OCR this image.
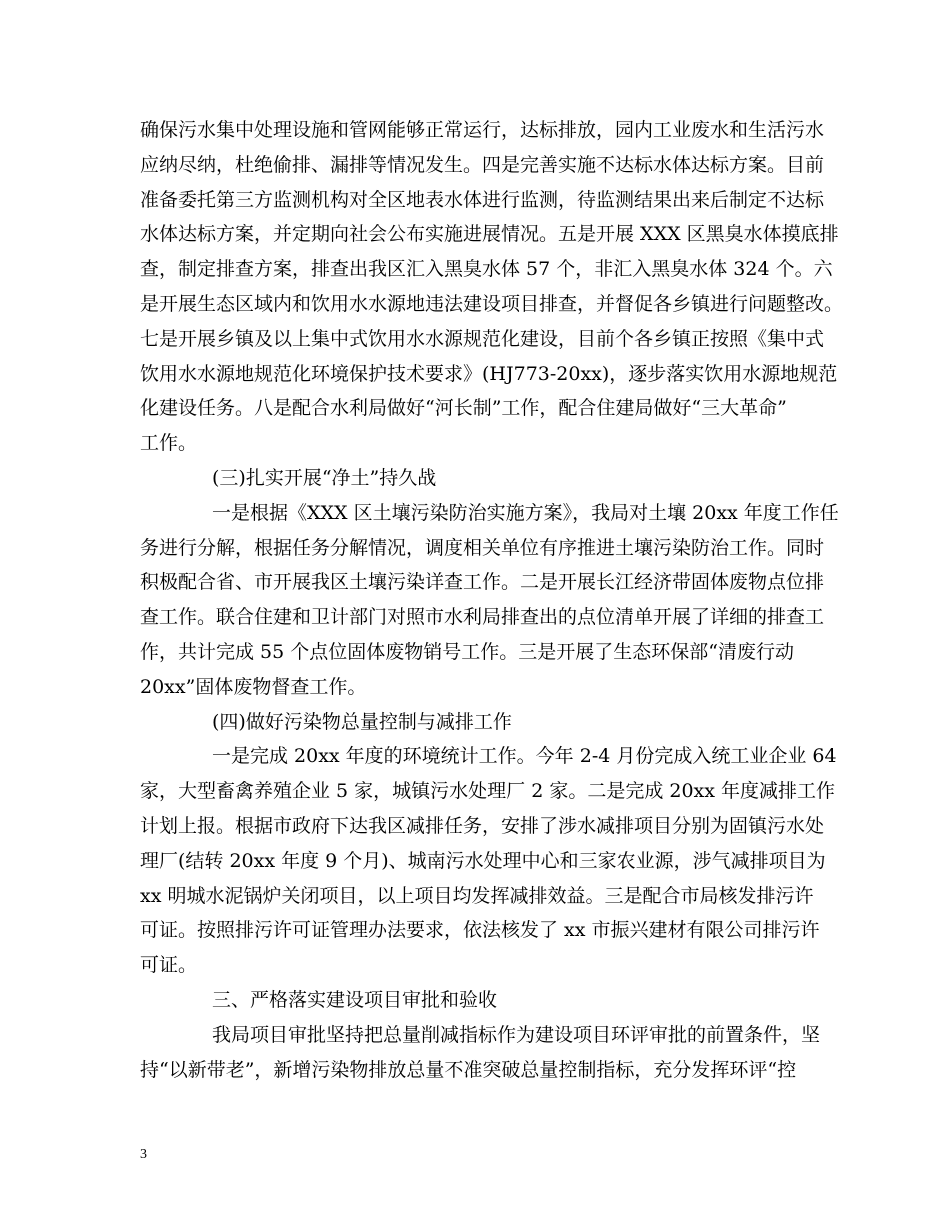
确保污水集中处理设施和管网能够正常运行，达标排放，园内工业废水和生活污水
应纳尽纳，杜绝偷排、漏排等情况发生。四是完善实施不达标水体达标方案。目前
准备委托第三方监测机构对全区地表水体进行监测，待监测结果出来后制定不达标
水体达标方案，并定期向社会公布实施进展情况。五是开展 XXX 区黑臭水体摸底排
查，制定排查方案，排查出我区汇入黑臭水体 57 个，非汇入黑臭水体 324 个。六
是开展生态区域内和饮用水水源地违法建设项目排查，并督促各乡镇进行问题整改。
七是开展乡镇及以上集中式饮用水水源规范化建设，目前个各乡镇正按照《集中式
饮用水水源地规范化环境保护技术要求》(HJ773-20xx)，逐步落实饮用水源地规范
化建设任务。八是配合水利局做好“河长制”工作，配合住建局做好“三大革命”
工作。
(三)扎实开展“净土”持久战
一是根据《XXX 区土壤污染防治实施方案》，我局对土壤 20xx 年度工作任
务进行分解，根据任务分解情况，调度相关单位有序推进土壤污染防治工作。同时
积极配合省、市开展我区土壤污染详查工作。二是开展长江经济带固体废物点位排
查工作。联合住建和卫计部门对照市水利局排查出的点位清单开展了详细的排查工
作，共计完成 55 个点位固体废物销号工作。三是开展了生态环保部“清废行动
20xx”固体废物督查工作。
(四)做好污染物总量控制与减排工作
一是完成 20xx 年度的环境统计工作。今年 2-4 月份完成入统工业企业 64
家，大型畜禽养殖企业 5 家，城镇污水处理厂 2 家。二是完成 20xx 年度减排工作
计划上报。根据市政府下达我区减排任务，安排了涉水减排项目分别为固镇污水处
理厂(结转 20xx 年度 9 个月)、城南污水处理中心和三家农业源，涉气减排项目为
xx 明城水泥锅炉关闭项目，以上项目均发挥减排效益。三是配合市局核发排污许
可证。按照排污许可证管理办法要求，依法核发了 xx 市振兴建材有限公司排污许
可证。
三、严格落实建设项目审批和验收
我局项目审批坚持把总量削减指标作为建设项目环评审批的前置条件，坚
持“以新带老”，新增污染物排放总量不准突破总量控制指标，充分发挥环评“控
3
